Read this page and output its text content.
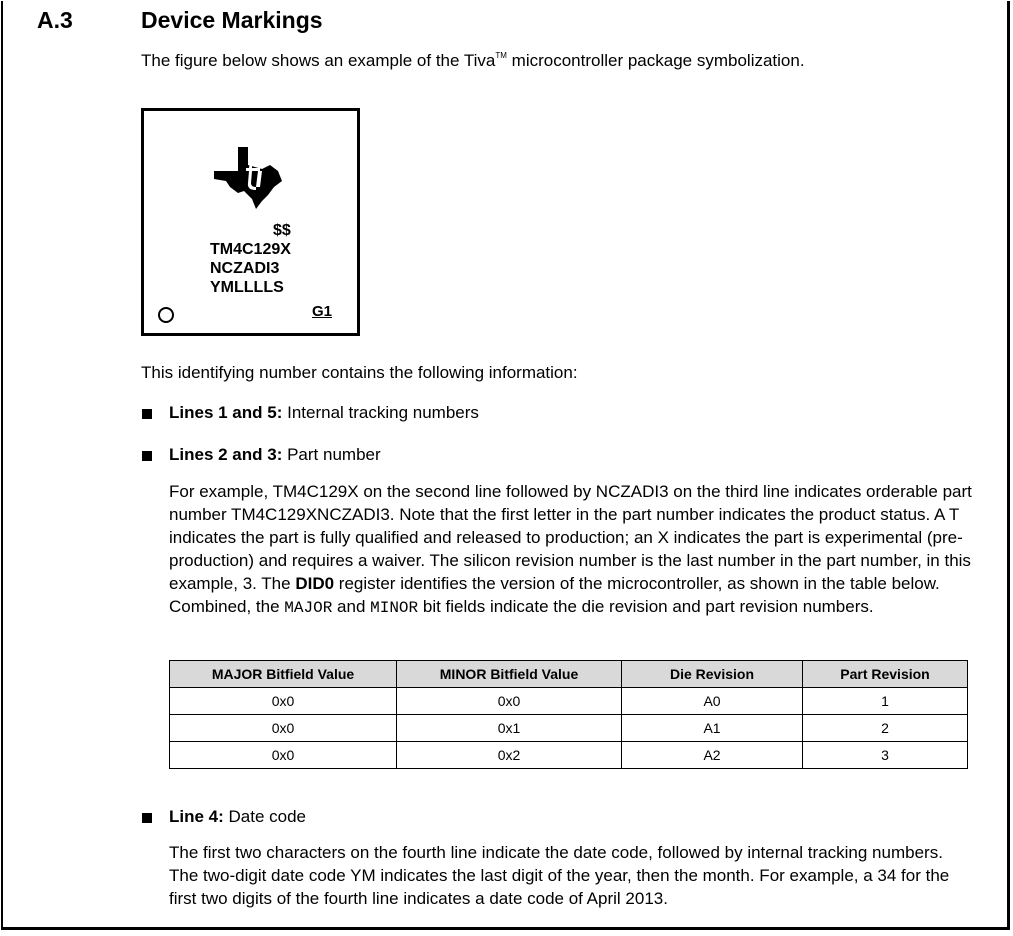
A.3	Device Markings
The figure below shows an example of the Tiva™ microcontroller package symbolization.
$$
TM4C129X
NCZADI3
YMLLLLS
G1
This identifying number contains the following information:
Lines 1 and 5: Internal tracking numbers
Lines 2 and 3: Part number
For example, TM4C129X on the second line followed by NCZADI3 on the third line indicates orderable part number TM4C129XNCZADI3. Note that the first letter in the part number indicates the product status. A T indicates the part is fully qualified and released to production; an X indicates the part is experimental (pre-production) and requires a waiver. The silicon revision number is the last number in the part number, in this example, 3. The DID0 register identifies the version of the microcontroller, as shown in the table below. Combined, the MAJOR and MINOR bit fields indicate the die revision and part revision numbers.
MAJOR Bitfield Value	MINOR Bitfield Value	Die Revision	Part Revision
0x0	0x0	A0	1
0x0	0x1	A1	2
0x0	0x2	A2	3
Line 4: Date code
The first two characters on the fourth line indicate the date code, followed by internal tracking numbers. The two-digit date code YM indicates the last digit of the year, then the month. For example, a 34 for the first two digits of the fourth line indicates a date code of April 2013.
